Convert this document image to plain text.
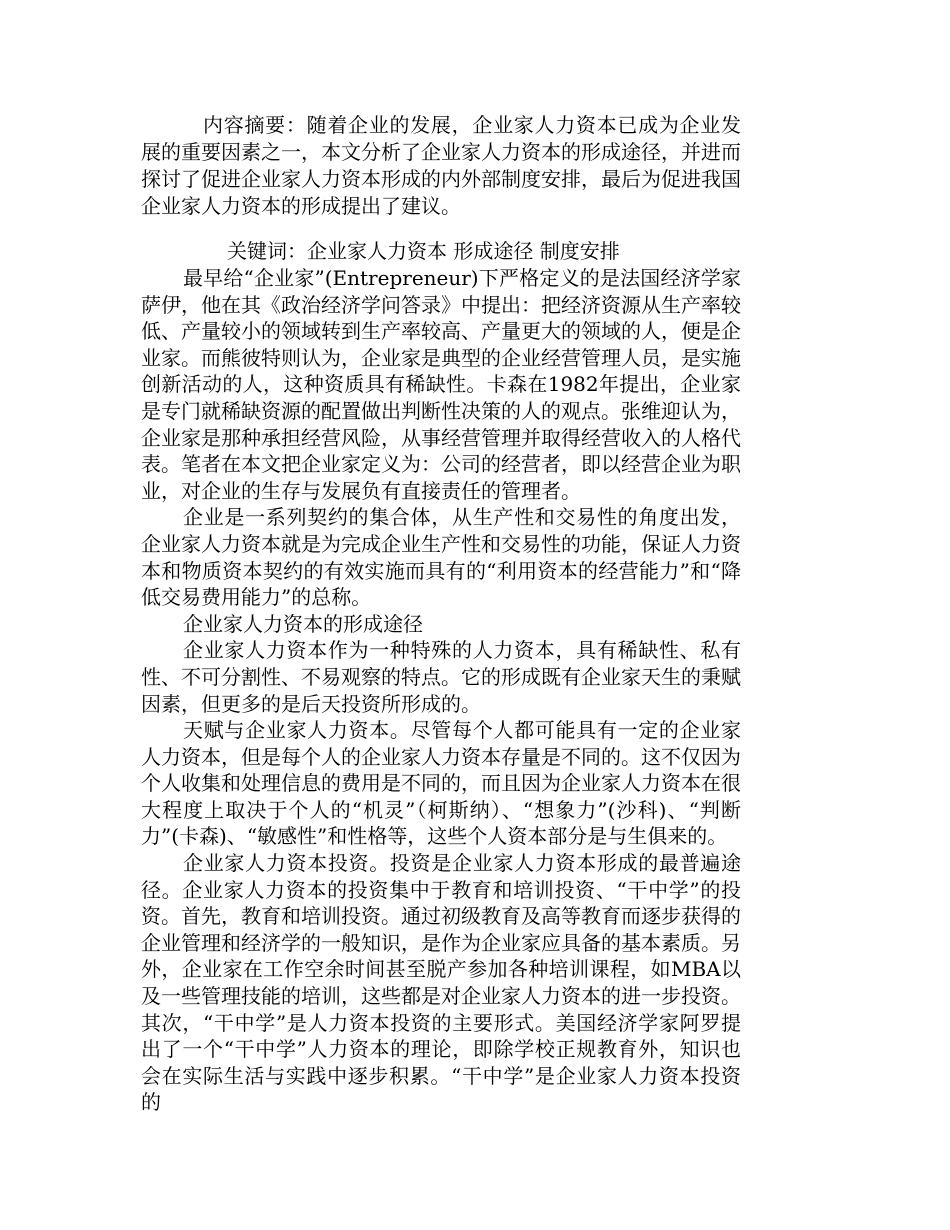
内容摘要：随着企业的发展，企业家人力资本已成为企业发展的重要因素之一，本文分析了企业家人力资本的形成途径，并进而探讨了促进企业家人力资本形成的内外部制度安排，最后为促进我国企业家人力资本的形成提出了建议。

关键词：企业家人力资本 形成途径 制度安排

最早给“企业家”(Entrepreneur)下严格定义的是法国经济学家萨伊，他在其《政治经济学问答录》中提出：把经济资源从生产率较低、产量较小的领域转到生产率较高、产量更大的领域的人，便是企业家。而熊彼特则认为，企业家是典型的企业经营管理人员，是实施创新活动的人，这种资质具有稀缺性。卡森在1982年提出，企业家是专门就稀缺资源的配置做出判断性决策的人的观点。张维迎认为，企业家是那种承担经营风险，从事经营管理并取得经营收入的人格代表。笔者在本文把企业家定义为：公司的经营者，即以经营企业为职业，对企业的生存与发展负有直接责任的管理者。

企业是一系列契约的集合体，从生产性和交易性的角度出发，企业家人力资本就是为完成企业生产性和交易性的功能，保证人力资本和物质资本契约的有效实施而具有的“利用资本的经营能力”和“降低交易费用能力”的总称。

企业家人力资本的形成途径

企业家人力资本作为一种特殊的人力资本，具有稀缺性、私有性、不可分割性、不易观察的特点。它的形成既有企业家天生的秉赋因素，但更多的是后天投资所形成的。

天赋与企业家人力资本。尽管每个人都可能具有一定的企业家人力资本，但是每个人的企业家人力资本存量是不同的。这不仅因为个人收集和处理信息的费用是不同的，而且因为企业家人力资本在很大程度上取决于个人的“机灵”（柯斯纳）、“想象力”(沙科)、“判断力”(卡森)、“敏感性”和性格等，这些个人资本部分是与生俱来的。

企业家人力资本投资。投资是企业家人力资本形成的最普遍途径。企业家人力资本的投资集中于教育和培训投资、“干中学”的投资。首先，教育和培训投资。通过初级教育及高等教育而逐步获得的企业管理和经济学的一般知识，是作为企业家应具备的基本素质。另外，企业家在工作空余时间甚至脱产参加各种培训课程，如MBA以及一些管理技能的培训，这些都是对企业家人力资本的进一步投资。其次，“干中学”是人力资本投资的主要形式。美国经济学家阿罗提出了一个“干中学”人力资本的理论，即除学校正规教育外，知识也会在实际生活与实践中逐步积累。“干中学”是企业家人力资本投资的
